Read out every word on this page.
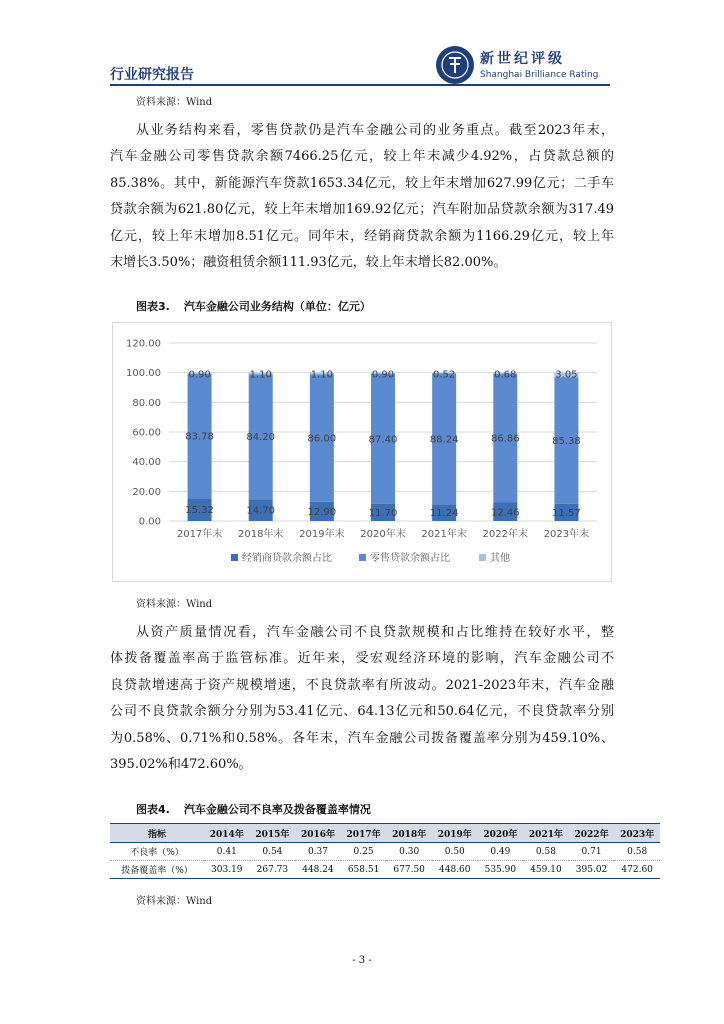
行业研究报告
新世纪评级
Shanghai Brilliance Rating
资料来源：Wind
从业务结构来看，零售贷款仍是汽车金融公司的业务重点。截至2023年末，
汽车金融公司零售贷款余额7466.25亿元，较上年末减少4.92%，占贷款总额的
85.38%。其中，新能源汽车贷款1653.34亿元，较上年末增加627.99亿元；二手车
贷款余额为621.80亿元，较上年末增加169.92亿元；汽车附加品贷款余额为317.49
亿元，较上年末增加8.51亿元。同年末，经销商贷款余额为1166.29亿元，较上年
末增长3.50%；融资租赁余额111.93亿元，较上年末增长82.00%。
图表3. 汽车金融公司业务结构（单位：亿元）
0.00
20.00
40.00
60.00
80.00
100.00
120.00
15.32
83.78
0.90
2017年末
14.70
84.20
1.10
2018年末
12.90
86.00
1.10
2019年末
11.70
87.40
0.90
2020年末
11.24
88.24
0.52
2021年末
12.46
86.86
0.68
2022年末
11.57
85.38
3.05
2023年末
经销商贷款余额占比	零售贷款余额占比	其他
资料来源：Wind
从资产质量情况看，汽车金融公司不良贷款规模和占比维持在较好水平，整
体拨备覆盖率高于监管标准。近年来，受宏观经济环境的影响，汽车金融公司不
良贷款增速高于资产规模增速，不良贷款率有所波动。2021-2023年末，汽车金融
公司不良贷款余额分分别为53.41亿元、64.13亿元和50.64亿元，不良贷款率分别
为0.58%、0.71%和0.58%。各年末，汽车金融公司拨备覆盖率分别为459.10%、
395.02%和472.60%。
图表4. 汽车金融公司不良率及拨备覆盖率情况
指标	2014年	2015年	2016年	2017年	2018年	2019年	2020年	2021年	2022年	2023年
不良率（%）	0.41	0.54	0.37	0.25	0.30	0.50	0.49	0.58	0.71	0.58
拨备覆盖率（%）	303.19	267.73	448.24	658.51	677.50	448.60	535.90	459.10	395.02	472.60
资料来源：Wind
- 3 -
